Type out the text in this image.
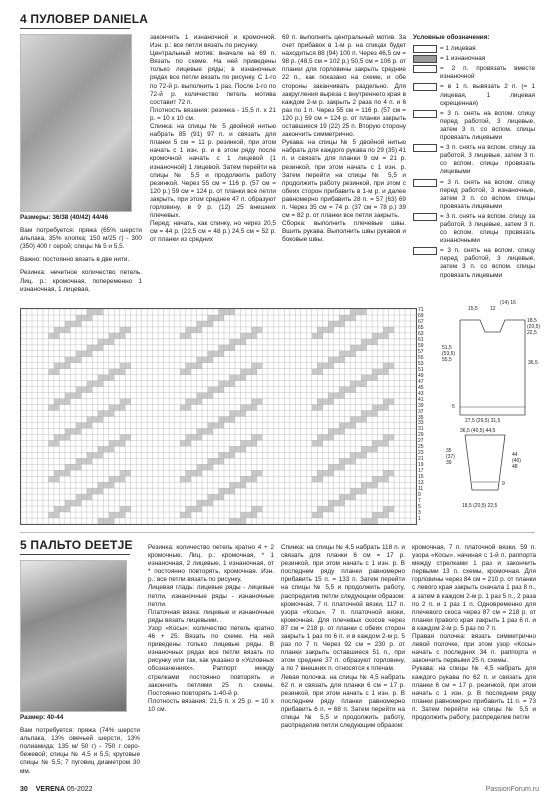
4 ПУЛОВЕР DANIELA

Размеры: 36/38 (40/42) 44/46

Вам потребуется: пряжа (65% шерсти альпака, 35% хлопка; 150 м/25 г) - 300 (350) 400 г серой; спицы № 5 и 5,5.

Важно: постоянно вязать в две нити.

Резинка: нечетное количество петель. Лиц. р.: кромочная, попеременно 1 изнаночная, 1 лицевая,

закончить 1 изнаночной и кромочной. Изн. р.: все петли вязать по рисунку.
Центральный мотив: вначале на 69 п. Вязать по схеме. На ней приведены только лицевые ряды; в изнаночных рядах все петли вязать по рисунку. С 1-го по 72-й р. выполнить 1 раз. После 1-го по 72-й р. количество петель мотива составит 72 п.
Плотность вязания: резинка - 15,5 п. х 21 р. = 10 х 10 см.
Спинка: на спицы № 5 двойной нитью набрать 85 (91) 97 п. и связать для планки 5 см = 11 р. резинкой, при этом начать с 1 изн. р. и в этом ряду после кромочной начать с 1 лицевой (1 изнаночной) 1 лицевой. Затем перейти на спицы № 5,5 и продолжить работу резинкой. Через 55 см = 116 р. (57 см = 120 р.) 59 см = 124 р. от планки все петли закрыть, при этом среднее 47 п. образуют горловину, в 9 р. (12) 25 внешних плечевых.
Перед: начать, как спинку, но через 20,5 см = 44 р. (22,5 см = 48 р.) 24,5 см = 52 р. от планки из средних
69 п. выполнить центральный мотив. За счет прибавок в 1-м р. на спицах будет находиться 88 (94) 100 п. Через 46,5 см = 98 р. (48,5 см = 102 р.) 50,5 см = 106 р. от планки для горловины закрыть средние 22 п., как показано на схеме, и обе стороны заканчивать раздельно. Для закругления выреза с внутреннего края в каждом 2-м р. закрыть 2 раза по 4 п. и 6 раз по 1 п. Через 55 см = 116 р. (57 см = 120 р.) 59 см = 124 р. от планки закрыть оставшиеся 19 (22) 25 п. Вторую сторону закончить симметрично.
Рукава: на спицы № 5 двойной нитью набрать для каждого рукава по 29 (35) 41 п. и связать для планки 9 см = 21 р. резинкой, при этом начать с 1 изн. р. Затем перейти на спицы № 5,5 и продолжить работу резинкой, при этом с обеих сторон прибавить в 1-м р. и далее равномерно прибавить 28 п. = 57 (63) 69 п. Через 35 см = 74 р. (37 см = 78 р.) 39 см = 82 р. от планки все петли закрыть.
Сборка: выполнить плечевые швы. Вшить рукава. Выполнить швы рукавов и боковые швы.
Условные обозначения:
= 1 лицевая
= 1 изнаночная
= 2 п. провязать вместе изнаночной
= в 1 п. вывязать 2 п. (= 1 лицевая, 1 лицевая скрещенная)
= 3 п. снять на вспом. спицу перед работой, 3 лицевые, затем 3 п. со вспом. спицы провязать лицевыми
= 3 п. снять на вспом. спицу за работой, 3 лицевые, затем 3 п. со вспом. спицы провязать лицевыми
= 3 п. снять на вспом. спицу перед работой, 3 изнаночные, затем 3 п. со вспом. спицы провязать лицевыми
= 3 п. снять на вспом. спицу за работой, 3 лицевые, затем 3 п. со вспом. спицы провязать изнаночными
= 3 п. снять на вспом. спицу перед работой, 3 лицевые, затем 3 п. со вспом. спицы провязать лицевыми
71
69
67
65
63
61
59
57
55
53
51
49
47
45
43
41
39
37
35
33
31
29
27
25
23
21
19
17
15
13
11
9
7
5
3
1
15,5 12
(14) 16
18,5 (20,5) 22,5
51,5 (53,5) 55,5	36,5
27,5 (29,5) 31,5
5
36,5 (40,5) 44,5
35 (37) 39
44 (46) 48
9
18,5 (20,5) 22,5
5 ПАЛЬТО DEETJE

Размер: 40-44

Вам потребуется: пряжа (74% шерсти альпака, 13% овечьей шерсти, 13% полиамида; 135 м/ 50 г) - 750 г серо-бежевой; спицы № 4,5 и 5,5; круговые спицы № 5,5; 7 пуговиц диаметром 30 мм.

Резинка: количество петель кратно 4 + 2 кромочные. Лиц. р.: кромочная, * 1 изнаночная, 2 лицевые, 1 изнаночная, от * постоянно повторять, кромочная. Изн. р.: все петли вязать по рисунку.
Лицевая гладь: лицевые ряды - лицевые петли, изнаночные ряды - изнаночные петли.
Платочная вязка: лицевые и изнаночные ряды вязать лицевыми.
Узор «Косы»: количество петель кратно 46 + 25. Вязать по схеме. На ней приведены только лицевые ряды. В изнаночных рядах все петли вязать по рисунку или так, как указано в «Условных обозначениях». Раппорт между стрелками постоянно повторять и закончить петлями 25 п. схемы. Постоянно повторять 1-40-й р.
Плотность вязания: 21,5 п. х 25 р. = 10 х 10 см.
Спинка: на спицы № 4,5 набрать 118 п. и связать для планки 6 см = 17 р. резинкой, при этом начать с 1 изн. р. В последнем ряду планки равномерно прибавить 15 п. = 133 п. Затем перейти на спицы № 5,5 и продолжить работу, распределив петли следующим образом: кромочная, 7 п. платочной вязки, 117 п. узора «Косы», 7 п. платочной вязки, кромочная. Для плечевых скосов через 87 см = 218 р. от планки с обеих сторон закрыть 1 раз по 6 п. и в каждом 2-м р. 5 раз по 7 п. Через 92 см = 230 р. от планки закрыть оставшиеся 51 п., при этом средние 37 п. образуют горловину, а по 7 внешних п. относятся к плечам.
Левая полочка: на спицы № 4,5 набрать 62 п. и связать для планки 6 см = 17 р. резинкой, при этом начать с 1 изн. р. В последнем ряду планки равномерно прибавить 6 п. = 68 п. Затем перейти на спицы № 5,5 и продолжить работу, распределив петли следующим образом:
кромочная, 7 п. платочной вязки, 59 п. узора «Косы», начиная с 1-й п. раппорта между стрелками 1 раз и закончить первыми 13 п. схемы, кромочная. Для горловины через 84 см = 210 р. от планки с левого края закрыть сначала 1 раз 8 п., а затем в каждом 2-м р. 1 раз 5 п., 2 раза по 2 п. и 1 раз 1 п. Одновременно для плечевого скоса через 87 см = 218 р. от планки правого края закрыть 1 раз 6 п. и в каждом 2-м р. 5 раз по 7 п.
Правая полочка: вязать симметрично левой полочке, при этом узор «Косы» начать с последних 34 п. раппорта и закончить первыми 25 п. схемы.
Рукава: на спицы № 4,5 набрать для каждого рукава по 62 п. и связать для планки 6 см = 17 р. резинкой, при этом начать с 1 изн. р. В последнем ряду планки равномерно прибавить 11 п. = 73 п. Затем перейти на спицы № 5,5 и продолжить работу, распределив петли
30 VERENA 05-2022	PassionForum.ru
